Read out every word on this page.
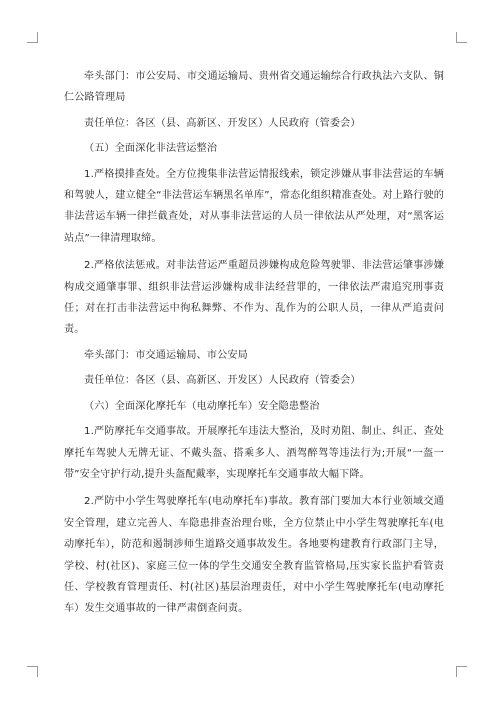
牵头部门：市公安局、市交通运输局、贵州省交通运输综合行政执法六支队、铜仁公路管理局

责任单位：各区（县、高新区、开发区）人民政府（管委会）

（五）全面深化非法营运整治

1.严格摸排查处。全方位搜集非法营运情报线索，锁定涉嫌从事非法营运的车辆和驾驶人，建立健全“非法营运车辆黑名单库”，常态化组织精准查处。对上路行驶的非法营运车辆一律拦截查处，对从事非法营运的人员一律依法从严处理，对“黑客运站点”一律清理取缔。

2.严格依法惩戒。对非法营运严重超员涉嫌构成危险驾驶罪、非法营运肇事涉嫌构成交通肇事罪、组织非法营运涉嫌构成非法经营罪的，一律依法严肃追究刑事责任；对在打击非法营运中徇私舞弊、不作为、乱作为的公职人员，一律从严追责问责。

牵头部门：市交通运输局、市公安局

责任单位：各区（县、高新区、开发区）人民政府（管委会）

（六）全面深化摩托车（电动摩托车）安全隐患整治

1.严防摩托车交通事故。开展摩托车违法大整治，及时劝阻、制止、纠正、查处摩托车驾驶人无牌无证、不戴头盔、搭乘多人、酒驾醉驾等违法行为;开展“一盔一带”安全守护行动,提升头盔配戴率，实现摩托车交通事故大幅下降。

2.严防中小学生驾驶摩托车(电动摩托车)事故。教育部门要加大本行业领域交通安全管理，建立完善人、车隐患排查治理台账，全方位禁止中小学生驾驶摩托车(电动摩托车），防范和遏制涉师生道路交通事故发生。各地要构建教育行政部门主导，学校、村(社区)、家庭三位一体的学生交通安全教育监管格局,压实家长监护看管责任、学校教育管理责任、村(社区)基层治理责任，对中小学生驾驶摩托车(电动摩托车）发生交通事故的一律严肃倒查问责。
